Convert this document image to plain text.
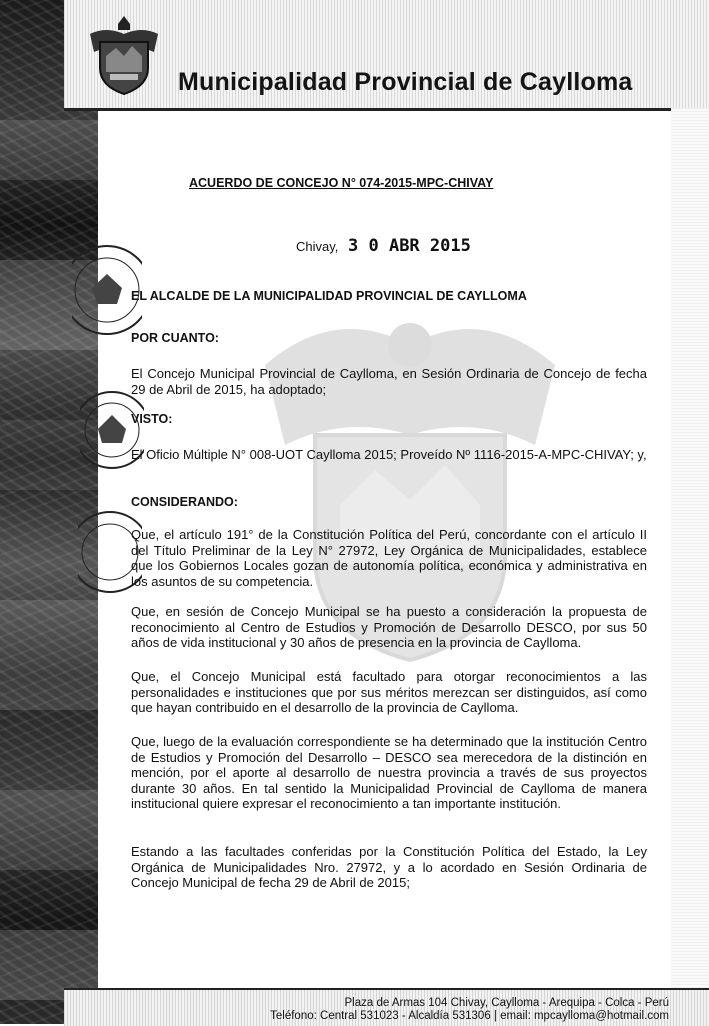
Municipalidad Provincial de Caylloma
ACUERDO DE CONCEJO N° 074-2015-MPC-CHIVAY
Chivay, 3 0 ABR 2015
EL ALCALDE DE LA MUNICIPALIDAD PROVINCIAL DE CAYLLOMA
POR CUANTO:
El Concejo Municipal Provincial de Caylloma, en Sesión Ordinaria de Concejo de fecha 29 de Abril de 2015, ha adoptado;
VISTO:
El Oficio Múltiple N° 008-UOT Caylloma 2015; Proveído Nº 1116-2015-A-MPC-CHIVAY; y,
CONSIDERANDO:
Que, el artículo 191° de la Constitución Política del Perú, concordante con el artículo II del Título Preliminar de la Ley N° 27972, Ley Orgánica de Municipalidades, establece que los Gobiernos Locales gozan de autonomía política, económica y administrativa en los asuntos de su competencia.
Que, en sesión de Concejo Municipal se ha puesto a consideración la propuesta de reconocimiento al Centro de Estudios y Promoción de Desarrollo DESCO, por sus 50 años de vida institucional y 30 años de presencia en la provincia de Caylloma.
Que, el Concejo Municipal está facultado para otorgar reconocimientos a las personalidades e instituciones que por sus méritos merezcan ser distinguidos, así como que hayan contribuido en el desarrollo de la provincia de Caylloma.
Que, luego de la evaluación correspondiente se ha determinado que la institución Centro de Estudios y Promoción del Desarrollo – DESCO sea merecedora de la distinción en mención, por el aporte al desarrollo de nuestra provincia a través de sus proyectos durante 30 años. En tal sentido la Municipalidad Provincial de Caylloma de manera institucional quiere expresar el reconocimiento a tan importante institución.
Estando a las facultades conferidas por la Constitución Política del Estado, la Ley Orgánica de Municipalidades Nro. 27972, y a lo acordado en Sesión Ordinaria de Concejo Municipal de fecha 29 de Abril de 2015;
Plaza de Armas 104 Chivay, Caylloma - Arequipa - Colca - Perú
Teléfono: Central 531023 - Alcaldía 531306 | email: mpcaylloma@hotmail.com
